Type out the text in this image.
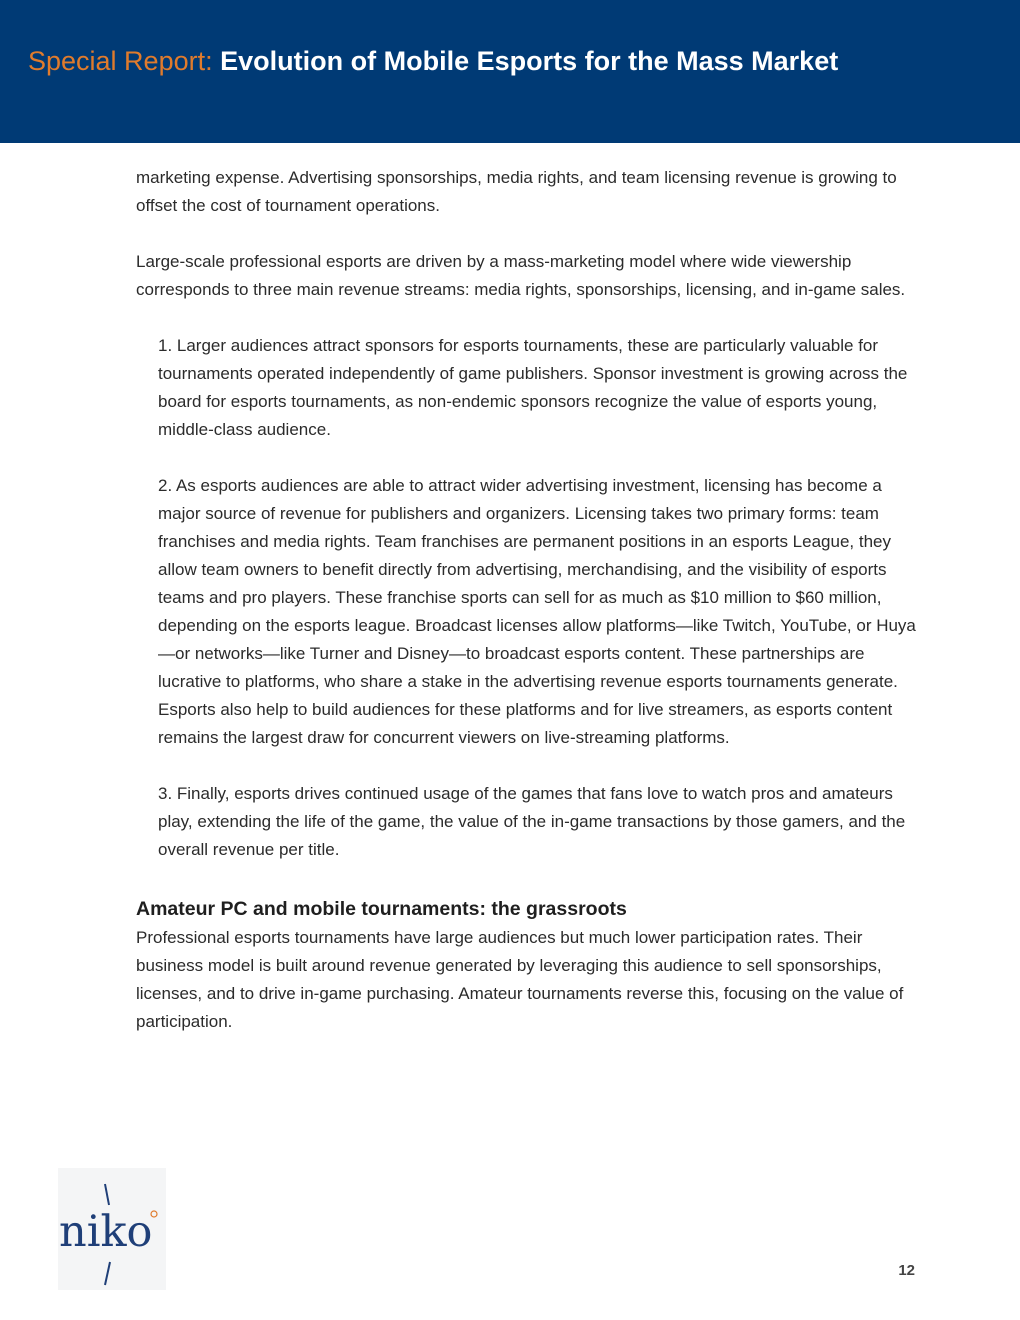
Special Report: Evolution of Mobile Esports for the Mass Market

marketing expense. Advertising sponsorships, media rights, and team licensing revenue is growing to offset the cost of tournament operations.

Large-scale professional esports are driven by a mass-marketing model where wide viewership corresponds to three main revenue streams: media rights, sponsorships, licensing, and in-game sales.

1. Larger audiences attract sponsors for esports tournaments, these are particularly valuable for tournaments operated independently of game publishers. Sponsor investment is growing across the board for esports tournaments, as non-endemic sponsors recognize the value of esports young, middle-class audience.

2. As esports audiences are able to attract wider advertising investment, licensing has become a major source of revenue for publishers and organizers. Licensing takes two primary forms: team franchises and media rights. Team franchises are permanent positions in an esports League, they allow team owners to benefit directly from advertising, merchandising, and the visibility of esports teams and pro players. These franchise sports can sell for as much as $10 million to $60 million, depending on the esports league. Broadcast licenses allow platforms—like Twitch, YouTube, or Huya—or networks—like Turner and Disney—to broadcast esports content. These partnerships are lucrative to platforms, who share a stake in the advertising revenue esports tournaments generate. Esports also help to build audiences for these platforms and for live streamers, as esports content remains the largest draw for concurrent viewers on live-streaming platforms.

3. Finally, esports drives continued usage of the games that fans love to watch pros and amateurs play, extending the life of the game, the value of the in-game transactions by those gamers, and the overall revenue per title.

Amateur PC and mobile tournaments: the grassroots

Professional esports tournaments have large audiences but much lower participation rates. Their business model is built around revenue generated by leveraging this audience to sell sponsorships, licenses, and to drive in-game purchasing. Amateur tournaments reverse this, focusing on the value of participation.

niko
12
